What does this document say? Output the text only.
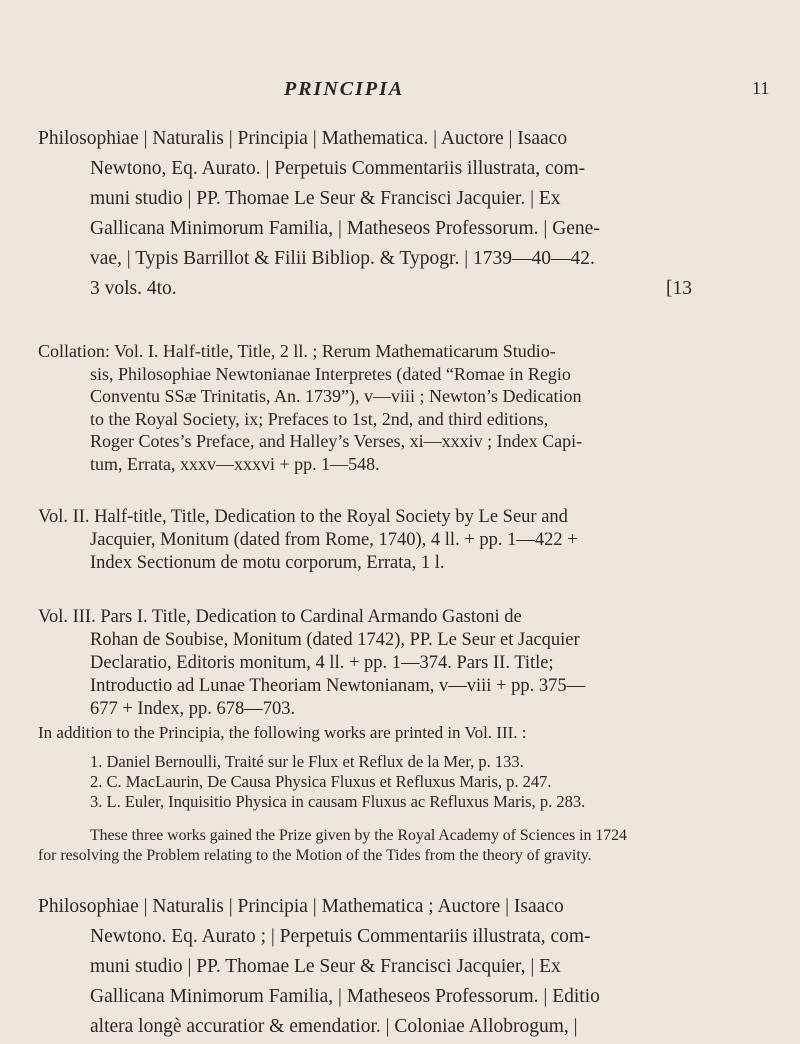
PRINCIPIA	11
Philosophiae | Naturalis | Principia | Mathematica. | Auctore | Isaaco
Newtono, Eq. Aurato. | Perpetuis Commentariis illustrata, com-
muni studio | PP. Thomae Le Seur & Francisci Jacquier. | Ex
Gallicana Minimorum Familia, | Matheseos Professorum. | Gene-
vae, | Typis Barrillot & Filii Bibliop. & Typogr. | 1739—40—42.
3 vols. 4to.	[13
Collation: Vol. I. Half-title, Title, 2 ll. ; Rerum Mathematicarum Studio-
sis, Philosophiae Newtonianae Interpretes (dated “Romae in Regio
Conventu SSæ Trinitatis, An. 1739”), v—viii ; Newton’s Dedication
to the Royal Society, ix; Prefaces to 1st, 2nd, and third editions,
Roger Cotes’s Preface, and Halley’s Verses, xi—xxxiv ; Index Capi-
tum, Errata, xxxv—xxxvi + pp. 1—548.
Vol. II. Half-title, Title, Dedication to the Royal Society by Le Seur and
Jacquier, Monitum (dated from Rome, 1740), 4 ll. + pp. 1—422 +
Index Sectionum de motu corporum, Errata, 1 l.
Vol. III. Pars I. Title, Dedication to Cardinal Armando Gastoni de
Rohan de Soubise, Monitum (dated 1742), PP. Le Seur et Jacquier
Declaratio, Editoris monitum, 4 ll. + pp. 1—374. Pars II. Title;
Introductio ad Lunae Theoriam Newtonianam, v—viii + pp. 375—
677 + Index, pp. 678—703.
In addition to the Principia, the following works are printed in Vol. III. :
1. Daniel Bernoulli, Traité sur le Flux et Reflux de la Mer, p. 133.
2. C. MacLaurin, De Causa Physica Fluxus et Refluxus Maris, p. 247.
3. L. Euler, Inquisitio Physica in causam Fluxus ac Refluxus Maris, p. 283.
These three works gained the Prize given by the Royal Academy of Sciences in 1724
for resolving the Problem relating to the Motion of the Tides from the theory of gravity.
Philosophiae | Naturalis | Principia | Mathematica ; Auctore | Isaaco
Newtono. Eq. Aurato ; | Perpetuis Commentariis illustrata, com-
muni studio | PP. Thomae Le Seur & Francisci Jacquier, | Ex
Gallicana Minimorum Familia, | Matheseos Professorum. | Editio
altera longè accuratior & emendatior. | Coloniae Allobrogum, |
